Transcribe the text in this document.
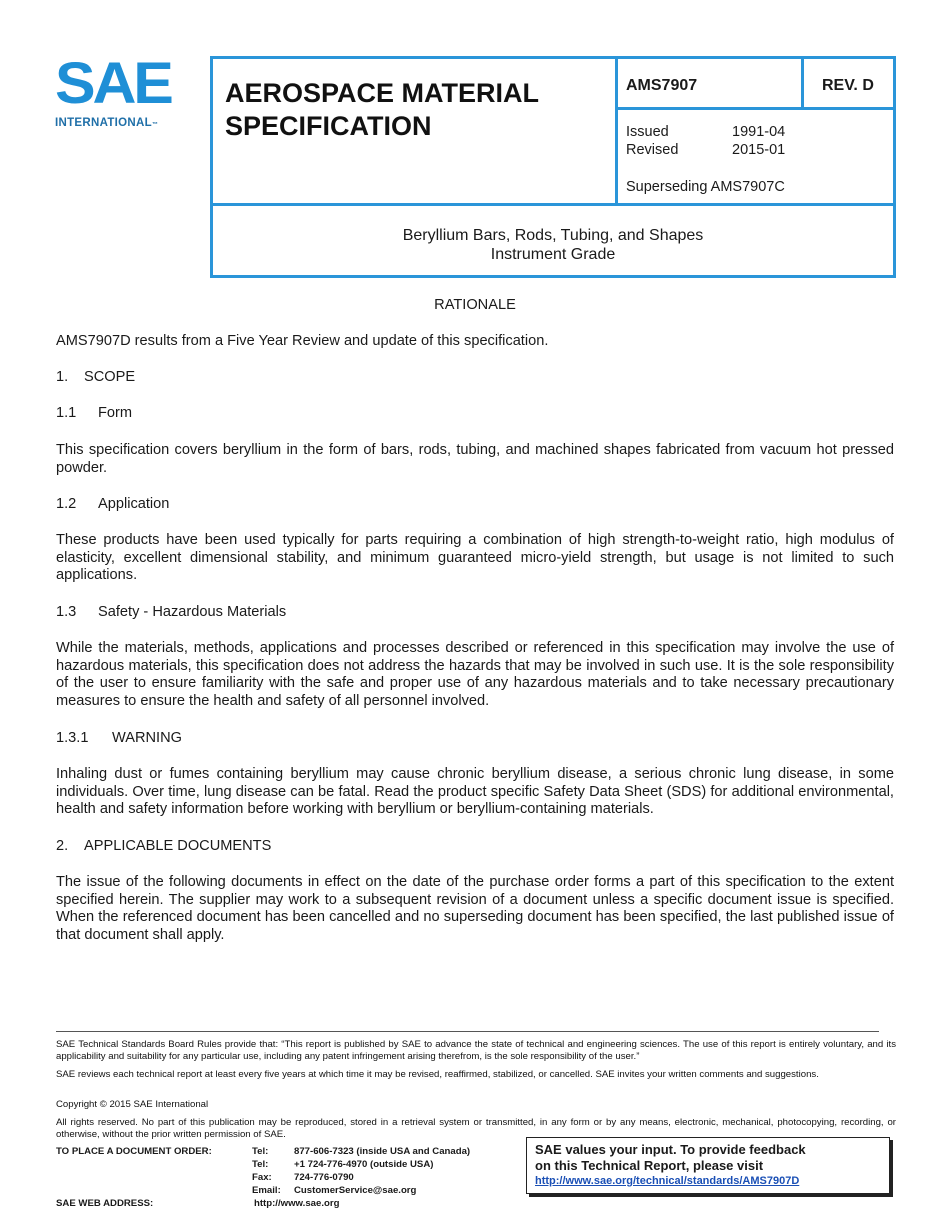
SAE
INTERNATIONAL™
AEROSPACE MATERIAL
SPECIFICATION
AMS7907	REV. D
Issued	1991-04
Revised	2015-01
Superseding AMS7907C
Beryllium Bars, Rods, Tubing, and Shapes
Instrument Grade
RATIONALE
AMS7907D results from a Five Year Review and update of this specification.
1. SCOPE
1.1 Form
This specification covers beryllium in the form of bars, rods, tubing, and machined shapes fabricated from vacuum hot pressed powder.
1.2 Application
These products have been used typically for parts requiring a combination of high strength-to-weight ratio, high modulus of elasticity, excellent dimensional stability, and minimum guaranteed micro-yield strength, but usage is not limited to such applications.
1.3 Safety - Hazardous Materials
While the materials, methods, applications and processes described or referenced in this specification may involve the use of hazardous materials, this specification does not address the hazards that may be involved in such use. It is the sole responsibility of the user to ensure familiarity with the safe and proper use of any hazardous materials and to take necessary precautionary measures to ensure the health and safety of all personnel involved.
1.3.1 WARNING
Inhaling dust or fumes containing beryllium may cause chronic beryllium disease, a serious chronic lung disease, in some individuals. Over time, lung disease can be fatal. Read the product specific Safety Data Sheet (SDS) for additional environmental, health and safety information before working with beryllium or beryllium-containing materials.
2. APPLICABLE DOCUMENTS
The issue of the following documents in effect on the date of the purchase order forms a part of this specification to the extent specified herein. The supplier may work to a subsequent revision of a document unless a specific document issue is specified. When the referenced document has been cancelled and no superseding document has been specified, the last published issue of that document shall apply.
SAE Technical Standards Board Rules provide that: “This report is published by SAE to advance the state of technical and engineering sciences. The use of this report is entirely voluntary, and its applicability and suitability for any particular use, including any patent infringement arising therefrom, is the sole responsibility of the user.”
SAE reviews each technical report at least every five years at which time it may be revised, reaffirmed, stabilized, or cancelled. SAE invites your written comments and suggestions.
Copyright © 2015 SAE International
All rights reserved. No part of this publication may be reproduced, stored in a retrieval system or transmitted, in any form or by any means, electronic, mechanical, photocopying, recording, or otherwise, without the prior written permission of SAE.
TO PLACE A DOCUMENT ORDER:	Tel:	877-606-7323 (inside USA and Canada)
Tel:	+1 724-776-4970 (outside USA)
Fax:	724-776-0790
Email:	CustomerService@sae.org
SAE WEB ADDRESS:	http://www.sae.org
SAE values your input. To provide feedback
on this Technical Report, please visit
http://www.sae.org/technical/standards/AMS7907D
